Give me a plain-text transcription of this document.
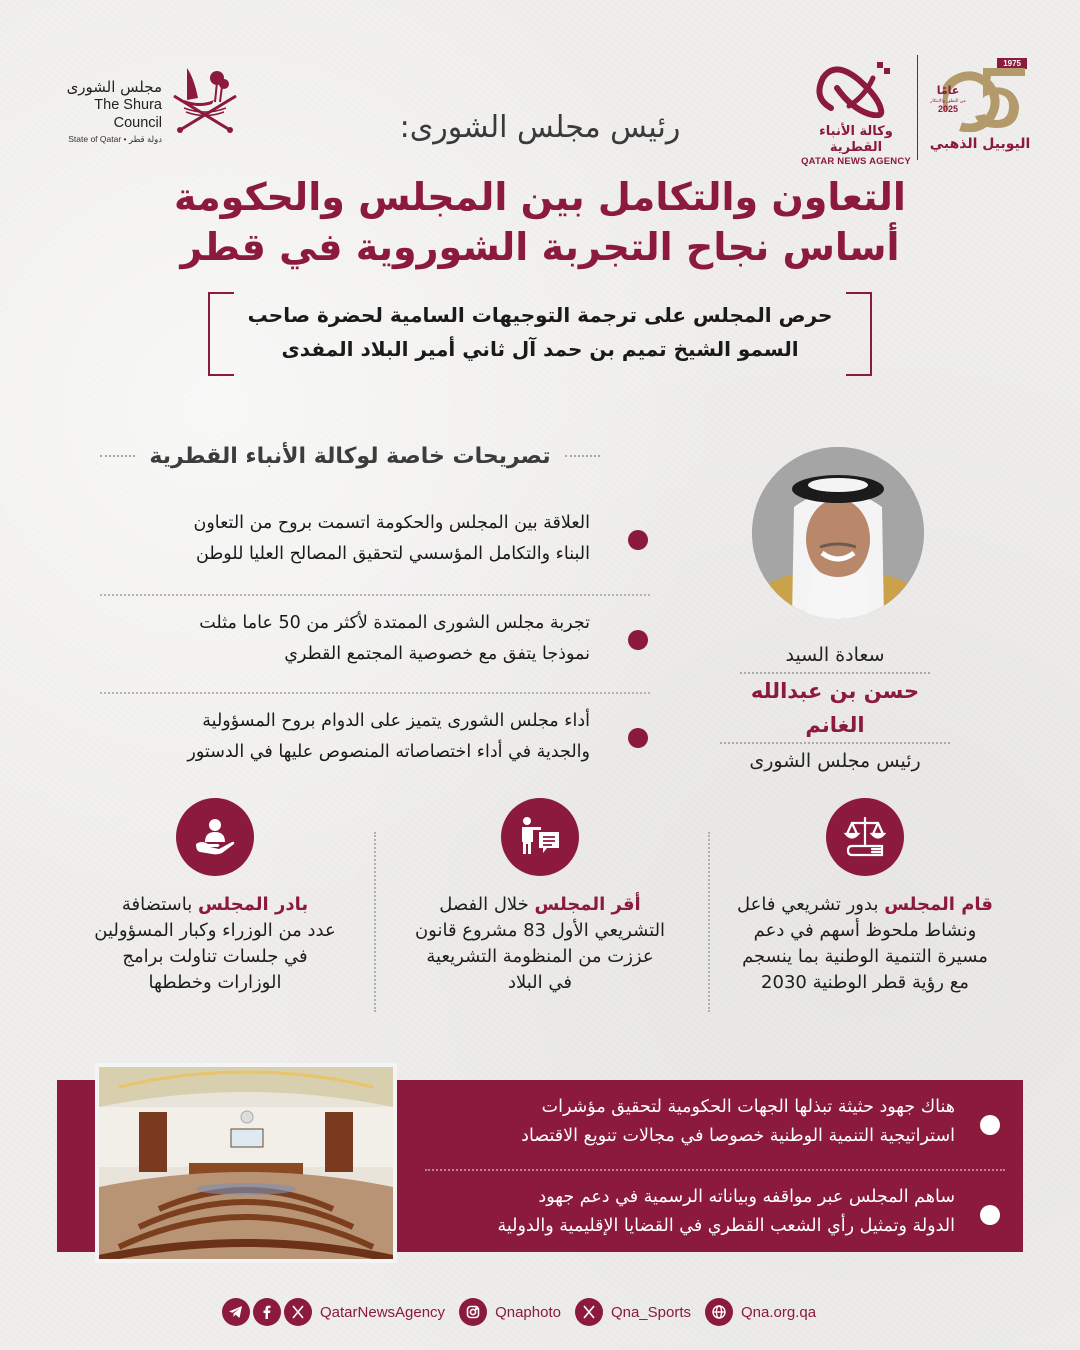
مجلس الشورى
The Shura Council
State of Qatar • دولة قطر	وكالة الأنباء القطرية
QATAR NEWS AGENCY
1975
عامًا
من التطور والابتكار
2025
اليوبيل الذهبي
رئيس مجلس الشورى:
التعاون والتكامل بين المجلس والحكومة
أساس نجاح التجربة الشوروية في قطر
حرص المجلس على ترجمة التوجيهات السامية لحضرة صاحب
السمو الشيخ تميم بن حمد آل ثاني أمير البلاد المفدى
تصريحات خاصة لوكالة الأنباء القطرية
العلاقة بين المجلس والحكومة اتسمت بروح من التعاون
البناء والتكامل المؤسسي لتحقيق المصالح العليا للوطن
تجربة مجلس الشورى الممتدة لأكثر من 50 عاما مثلت
نموذجا يتفق مع خصوصية المجتمع القطري
أداء مجلس الشورى يتميز على الدوام بروح المسؤولية
والجدية في أداء اختصاصاته المنصوص عليها في الدستور
سعادة السيد
حسن بن عبدالله الغانم
رئيس مجلس الشورى
قام المجلس بدور تشريعي فاعل
ونشاط ملحوظ أسهم في دعم
مسيرة التنمية الوطنية بما ينسجم
مع رؤية قطر الوطنية 2030
أقر المجلس خلال الفصل
التشريعي الأول 83 مشروع قانون
عززت من المنظومة التشريعية
في البلاد
بادر المجلس باستضافة
عدد من الوزراء وكبار المسؤولين
في جلسات تناولت برامج
الوزارات وخططها
هناك جهود حثيثة تبذلها الجهات الحكومية لتحقيق مؤشرات
استراتيجية التنمية الوطنية خصوصا في مجالات تنويع الاقتصاد
ساهم المجلس عبر مواقفه وبياناته الرسمية في دعم جهود
الدولة وتمثيل رأي الشعب القطري في القضايا الإقليمية والدولية
QatarNewsAgency	Qnaphoto	Qna_Sports	Qna.org.qa
